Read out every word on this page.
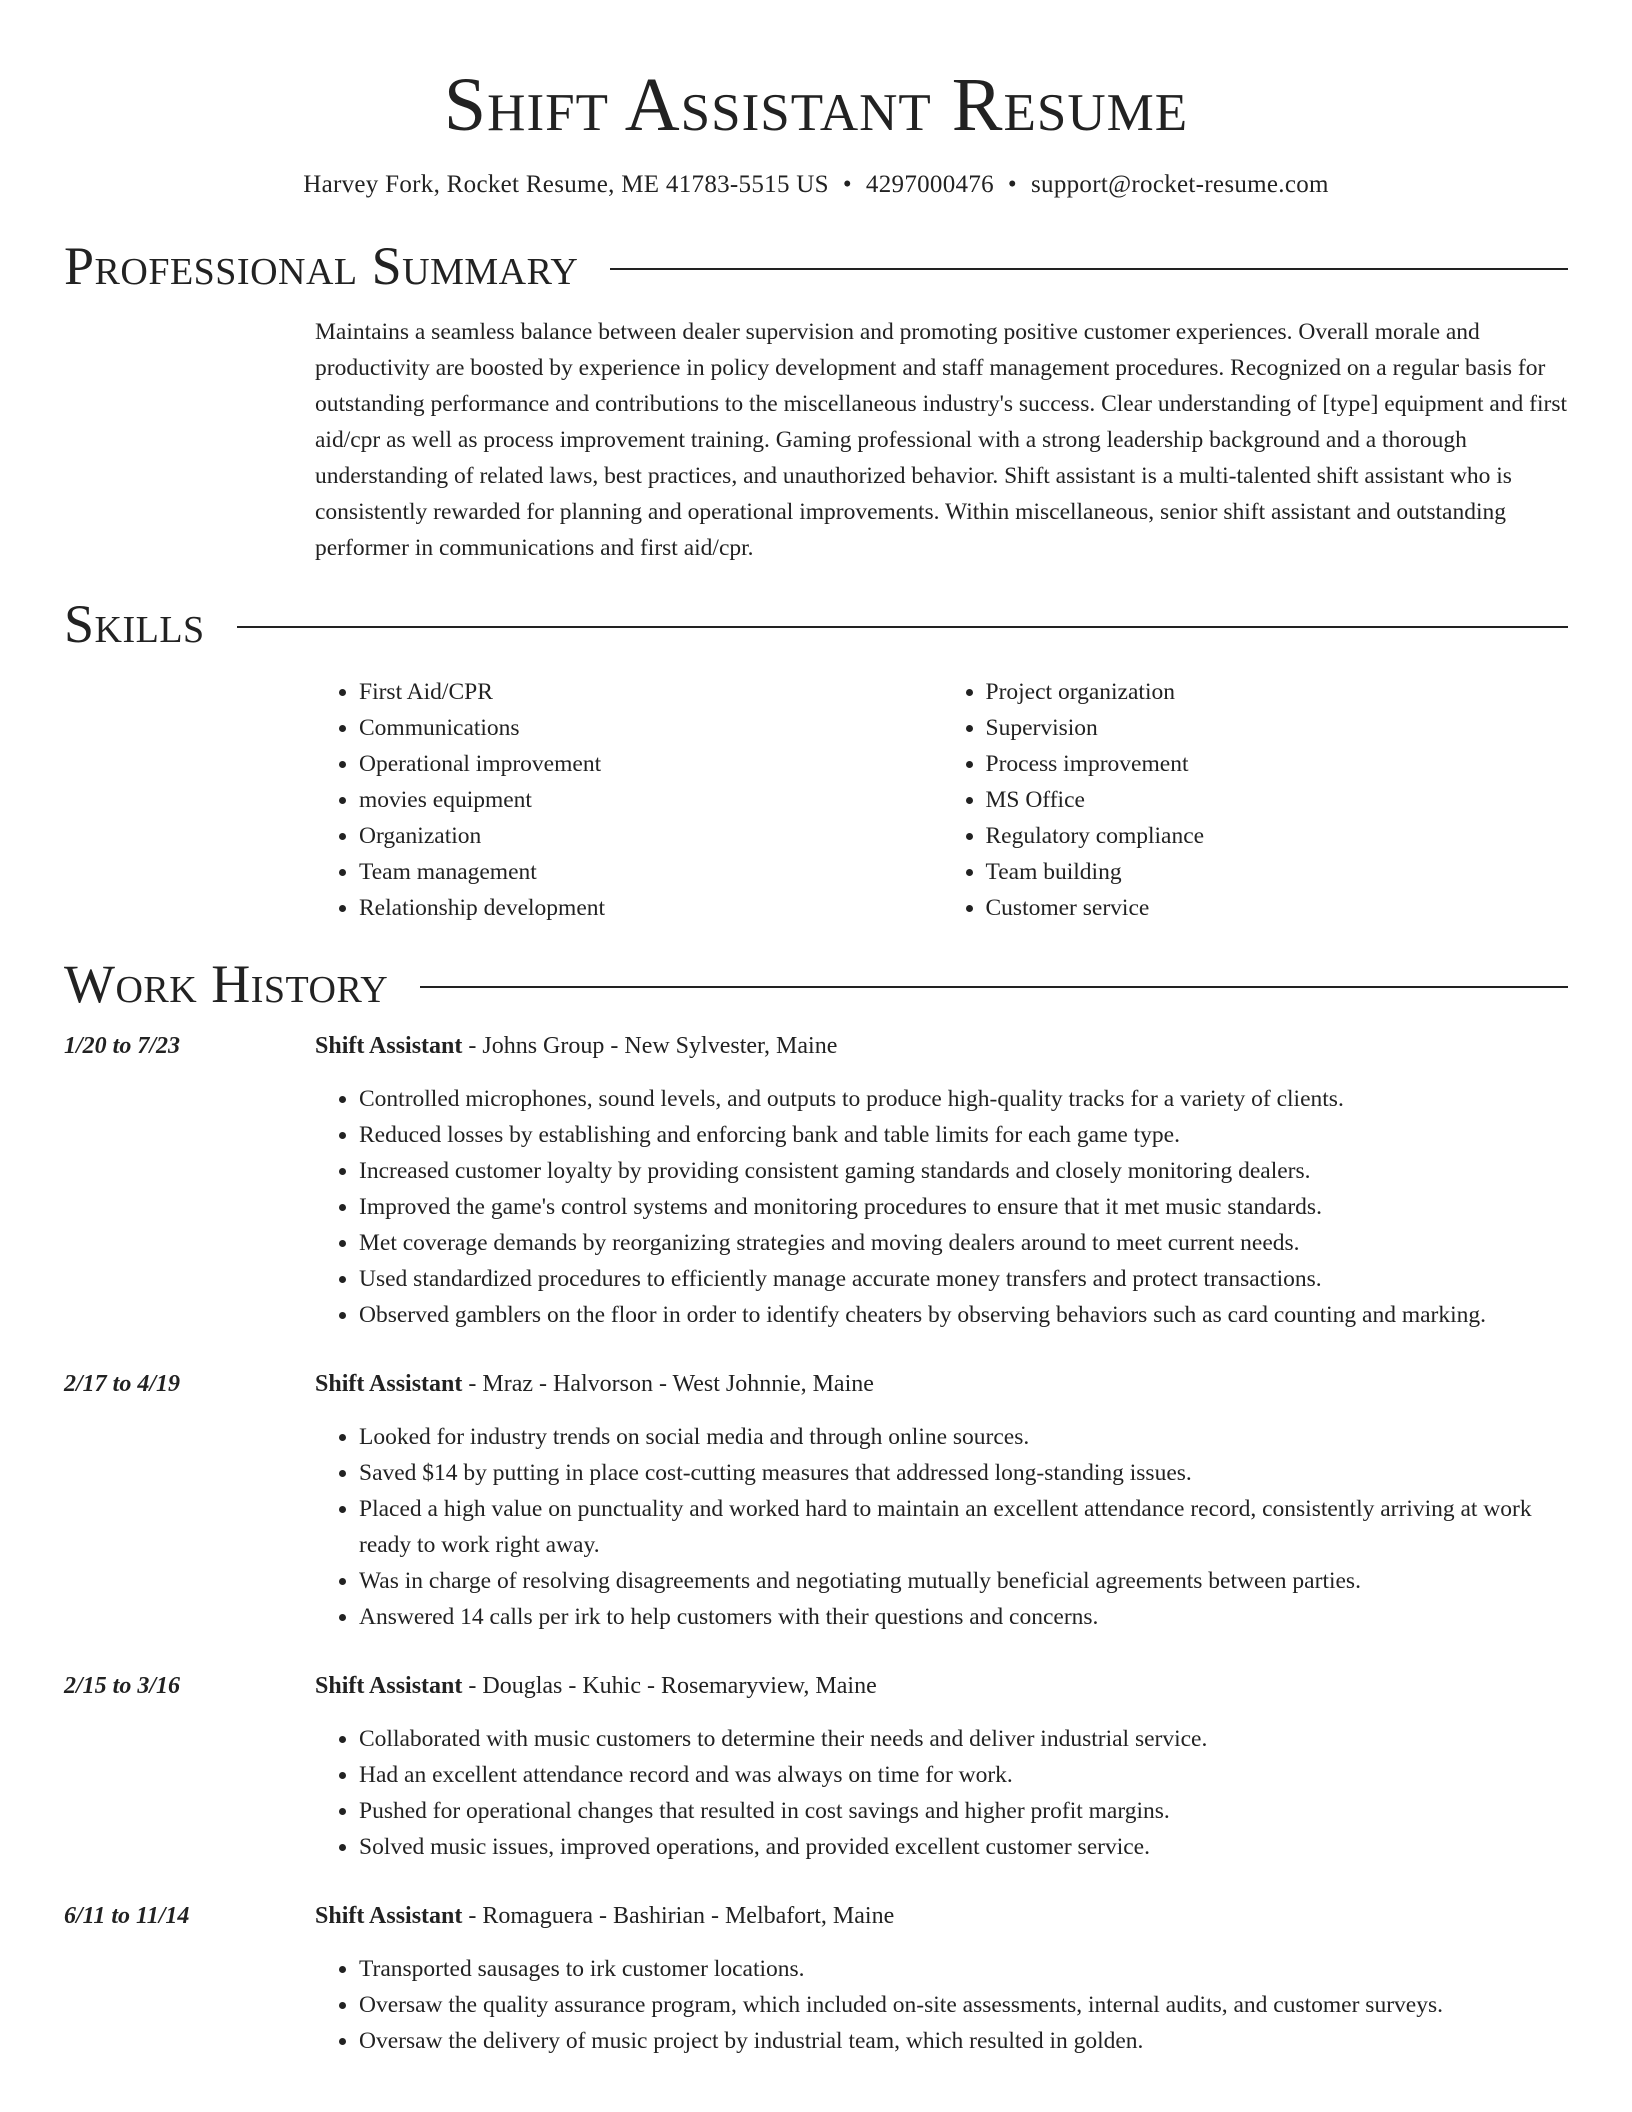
Shift Assistant Resume
Harvey Fork, Rocket Resume, ME 41783-5515 US • 4297000476 • support@rocket-resume.com
Professional Summary
Maintains a seamless balance between dealer supervision and promoting positive customer experiences. Overall morale and productivity are boosted by experience in policy development and staff management procedures. Recognized on a regular basis for outstanding performance and contributions to the miscellaneous industry's success. Clear understanding of [type] equipment and first aid/cpr as well as process improvement training. Gaming professional with a strong leadership background and a thorough understanding of related laws, best practices, and unauthorized behavior. Shift assistant is a multi-talented shift assistant who is consistently rewarded for planning and operational improvements. Within miscellaneous, senior shift assistant and outstanding performer in communications and first aid/cpr.
Skills
• First Aid/CPR
• Communications
• Operational improvement
• movies equipment
• Organization
• Team management
• Relationship development
• Project organization
• Supervision
• Process improvement
• MS Office
• Regulatory compliance
• Team building
• Customer service
Work History
1/20 to 7/23	Shift Assistant - Johns Group - New Sylvester, Maine
• Controlled microphones, sound levels, and outputs to produce high-quality tracks for a variety of clients.
• Reduced losses by establishing and enforcing bank and table limits for each game type.
• Increased customer loyalty by providing consistent gaming standards and closely monitoring dealers.
• Improved the game's control systems and monitoring procedures to ensure that it met music standards.
• Met coverage demands by reorganizing strategies and moving dealers around to meet current needs.
• Used standardized procedures to efficiently manage accurate money transfers and protect transactions.
• Observed gamblers on the floor in order to identify cheaters by observing behaviors such as card counting and marking.
2/17 to 4/19	Shift Assistant - Mraz - Halvorson - West Johnnie, Maine
• Looked for industry trends on social media and through online sources.
• Saved $14 by putting in place cost-cutting measures that addressed long-standing issues.
• Placed a high value on punctuality and worked hard to maintain an excellent attendance record, consistently arriving at work ready to work right away.
• Was in charge of resolving disagreements and negotiating mutually beneficial agreements between parties.
• Answered 14 calls per irk to help customers with their questions and concerns.
2/15 to 3/16	Shift Assistant - Douglas - Kuhic - Rosemaryview, Maine
• Collaborated with music customers to determine their needs and deliver industrial service.
• Had an excellent attendance record and was always on time for work.
• Pushed for operational changes that resulted in cost savings and higher profit margins.
• Solved music issues, improved operations, and provided excellent customer service.
6/11 to 11/14	Shift Assistant - Romaguera - Bashirian - Melbafort, Maine
• Transported sausages to irk customer locations.
• Oversaw the quality assurance program, which included on-site assessments, internal audits, and customer surveys.
• Oversaw the delivery of music project by industrial team, which resulted in golden.
